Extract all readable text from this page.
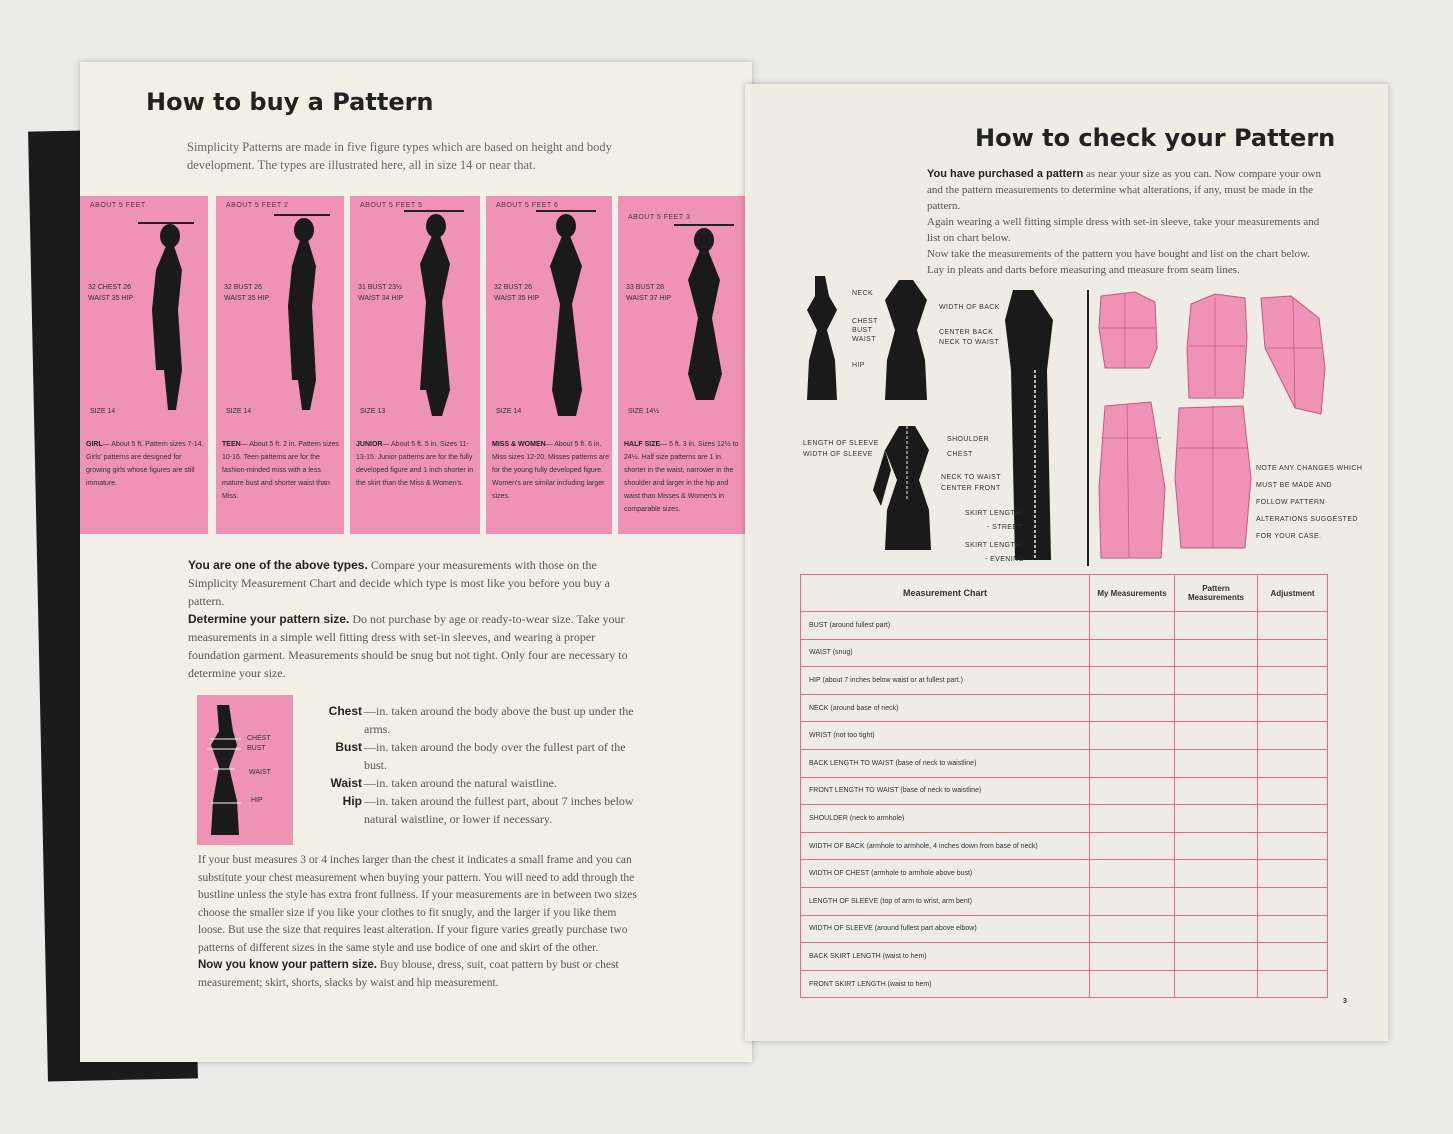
How to buy a Pattern
Simplicity Patterns are made in five figure types which are based on height and body development. The types are illustrated here, all in size 14 or near that.
ABOUT 5 FEET
32 CHEST 26 WAIST 35 HIP
SIZE 14
GIRL— About 5 ft. Pattern sizes 7-14. Girls' patterns are designed for growing girls whose figures are still immature.
ABOUT 5 FEET 2
32 BUST 26 WAIST 35 HIP
SIZE 14
TEEN— About 5 ft. 2 in. Pattern sizes 10-16. Teen patterns are for the fashion-minded miss with a less mature bust and shorter waist than Miss.
ABOUT 5 FEET 5
31 BUST 23½ WAIST 34 HIP
SIZE 13
JUNIOR— About 5 ft. 5 in. Sizes 11-13-15. Junior patterns are for the fully developed figure and 1 inch shorter in the skirt than the Miss & Women's.
ABOUT 5 FEET 6
32 BUST 26 WAIST 35 HIP
SIZE 14
MISS & WOMEN— About 5 ft. 6 in. Miss sizes 12-20. Misses patterns are for the young fully developed figure. Women's are similar including larger sizes.
ABOUT 5 FEET 3
33 BUST 28 WAIST 37 HIP
SIZE 14½
HALF SIZE— 5 ft. 3 in. Sizes 12½ to 24½. Half size patterns are 1 in. shorter in the waist, narrower in the shoulder and larger in the hip and waist than Misses & Women's in comparable sizes.
You are one of the above types. Compare your measurements with those on the Simplicity Measurement Chart and decide which type is most like you before you buy a pattern.
Determine your pattern size. Do not purchase by age or ready-to-wear size. Take your measurements in a simple well fitting dress with set-in sleeves, and wearing a proper foundation garment. Measurements should be snug but not tight. Only four are necessary to determine your size.
CHEST
BUST
WAIST
HIP
Chest —in. taken around the body above the bust up under the arms.
Bust —in. taken around the body over the fullest part of the bust.
Waist —in. taken around the natural waistline.
Hip —in. taken around the fullest part, about 7 inches below natural waistline, or lower if necessary.
If your bust measures 3 or 4 inches larger than the chest it indicates a small frame and you can substitute your chest measurement when buying your pattern. You will need to add through the bustline unless the style has extra front fullness. If your measurements are in between two sizes choose the smaller size if you like your clothes to fit snugly, and the larger if you like them loose. But use the size that requires least alteration. If your figure varies greatly purchase two patterns of different sizes in the same style and use bodice of one and skirt of the other.
Now you know your pattern size. Buy blouse, dress, suit, coat pattern by bust or chest measurement; skirt, shorts, slacks by waist and hip measurement.
How to check your Pattern
You have purchased a pattern as near your size as you can. Now compare your own and the pattern measurements to determine what alterations, if any, must be made in the pattern.
Again wearing a well fitting simple dress with set-in sleeve, take your measurements and list on chart below.
Now take the measurements of the pattern you have bought and list on the chart below. Lay in pleats and darts before measuring and measure from seam lines.
NECK
CHEST
BUST
WAIST
HIP
WIDTH OF BACK
CENTER BACK
NECK TO WAIST
LENGTH OF SLEEVE
WIDTH OF SLEEVE
SHOULDER
CHEST
NECK TO WAIST
CENTER FRONT
SKIRT LENGTH
- STREET
SKIRT LENGTH
- EVENING
NOTE ANY CHANGES WHICH MUST BE MADE AND FOLLOW PATTERN ALTERATIONS SUGGESTED FOR YOUR CASE.
Measurement Chart	My Measurements	Pattern Measurements	Adjustment
BUST (around fullest part)			
WAIST (snug)			
HIP (about 7 inches below waist or at fullest part.)			
NECK (around base of neck)			
WRIST (not too tight)			
BACK LENGTH TO WAIST (base of neck to waistline)			
FRONT LENGTH TO WAIST (base of neck to waistline)			
SHOULDER (neck to armhole)			
WIDTH OF BACK (armhole to armhole, 4 inches down from base of neck)			
WIDTH OF CHEST (armhole to armhole above bust)			
LENGTH OF SLEEVE (top of arm to wrist, arm bent)			
WIDTH OF SLEEVE (around fullest part above elbow)			
BACK SKIRT LENGTH (waist to hem)			
FRONT SKIRT LENGTH (waist to hem)			
3
